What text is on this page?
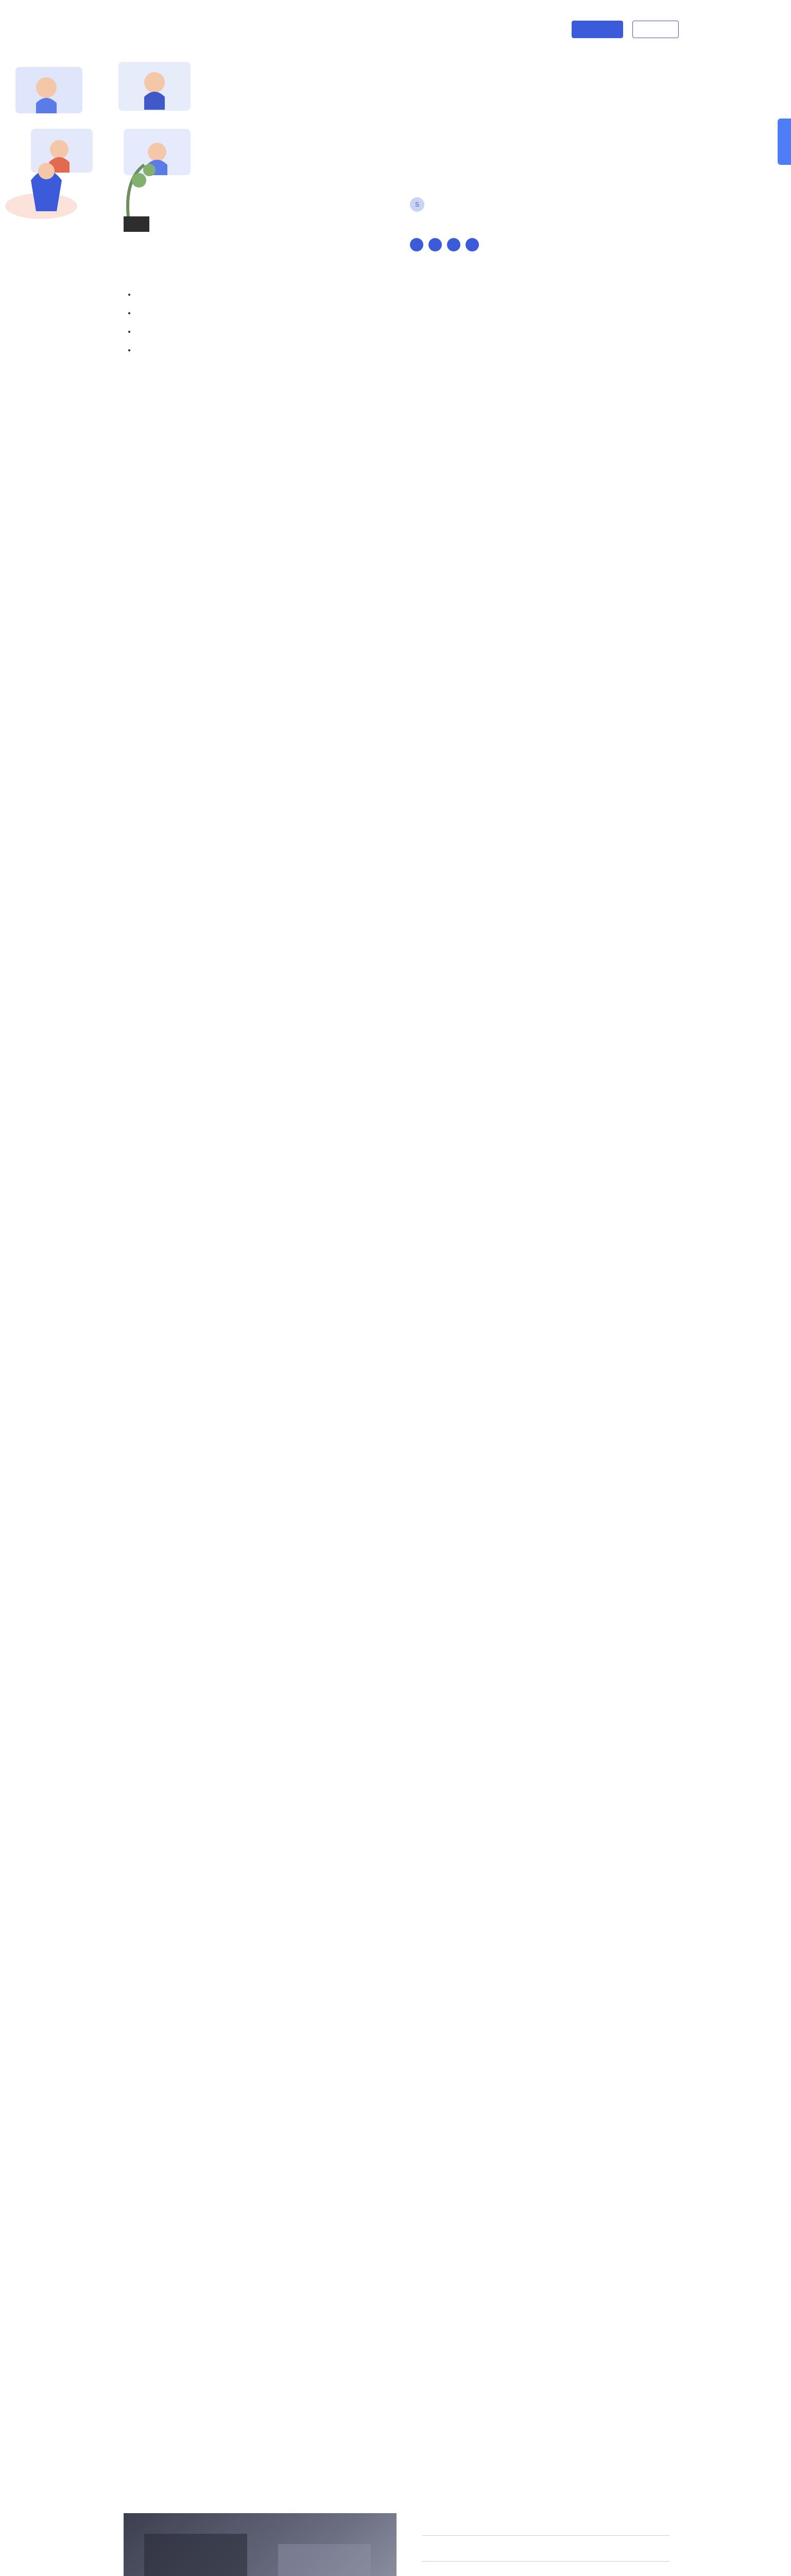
S

•
•
•
•
